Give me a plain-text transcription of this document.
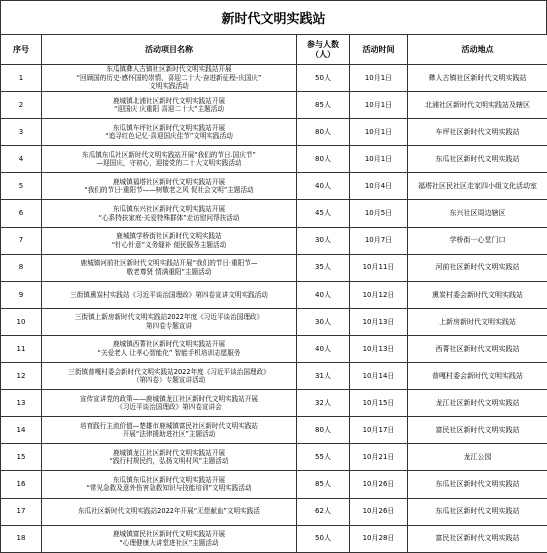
新时代文明实践站
序号	活动项目名称	参与人数
（人）	活动时间	活动地点
1	东瓜镇彝人古镇社区新时代文明实践站开展
“回顾国的历史·感怀国的崇情，喜迎二十大·奋进新征程-庆国庆”
文明实践活动	50人	10月1日	彝人古镇社区新时代文明实践站
2	鹿城镇北浦社区新时代文明实践站开展
“迎国庆 庆重阳 喜迎二十大”主题活动	85人	10月1日	北浦社区新时代文明实践站及辖区
3	东瓜镇车坪社区新时代文明实践站开展
“追寻红色记忆·喜迎国庆佳节”文明实践活动	80人	10月1日	车坪社区新时代文明实践站
4	东瓜镇东瓜社区新时代文明实践站开展“我们的节日.国庆节”
—迎国庆，守初心，迎接党的二十大文明实践活动	80人	10月1日	东瓜社区新时代文明实践站
5	鹿城镇福塔社区新时代文明实践站开展
“我们的节日·重阳节——树敬老之风 促社会文明”主题活动	40人	10月4日	福塔社区民社区走家四小组文化活动室
6	东瓜镇东兴社区新时代文明实践站开展
“心系特扶家庭·关爱特殊群体”走访慰问帮扶活动	45人	10月5日	东兴社区周边辖区
7	鹿城镇学桥街社区新时代文明实践站
“针心针意”义务缝补 便民服务主题活动	30人	10月7日	学桥街一心堂门口
8	鹿城镇河前社区新时代文明实践站开展“我们的节日·重阳节—
敬老尊贤 情满重阳”主题活动	35人	10月11日	河前社区新时代文明实践站
9	三街镇熏炭村实践站《习近平谈治国理政》第四卷宣讲文明实践活动	40人	10月12日	熏炭村委会新时代文明实践站
10	三街镇上新房新时代文明实践站2022年度《习近平谈治国理政》
第四卷专题宣讲	30人	10月13日	上新房新时代文明实践站
11	鹿城镇西菁社区新时代文明实践站开展
“关爱老人 让孝心智能化” 智能手机培训志愿服务	40人	10月13日	西菁社区新时代文明实践站
12	三街镇普嘎村委会新时代文明实践站2022年度《习近平谈治国理政》
（第四卷）专题宣讲活动	31人	10月14日	普嘎村委会新时代文明实践站
13	宣传宣讲党的政策——鹿城镇龙江社区新时代文明实践站开展
《习近平谈治国理政》第四卷宣讲会	32人	10月15日	龙江社区新时代文明实践站
14	培育践行主流价值—楚雄市鹿城镇富民社区新时代文明实践站
开展“法律援助进社区”主题活动	80人	10月17日	富民社区新时代文明实践站
15	鹿城镇龙江社区新时代文明实践站开展
“践行村规民约，弘扬文明村风”主题活动	55人	10月21日	龙江公园
16	东瓜镇东瓜社区新时代文明实践站开展
“常见急救及意外伤害急救知识与技能培训”文明实践活动	85人	10月26日	东瓜社区新时代文明实践站
17	东瓜社区新时代文明实践站2022年开展“无偿献血”文明实践活	62人	10月26日	东瓜社区新时代文明实践站
18	鹿城镇富民社区新时代文明实践站开展
“心理健康大讲堂进社区”主题活动	50人	10月28日	富民社区新时代文明实践站
